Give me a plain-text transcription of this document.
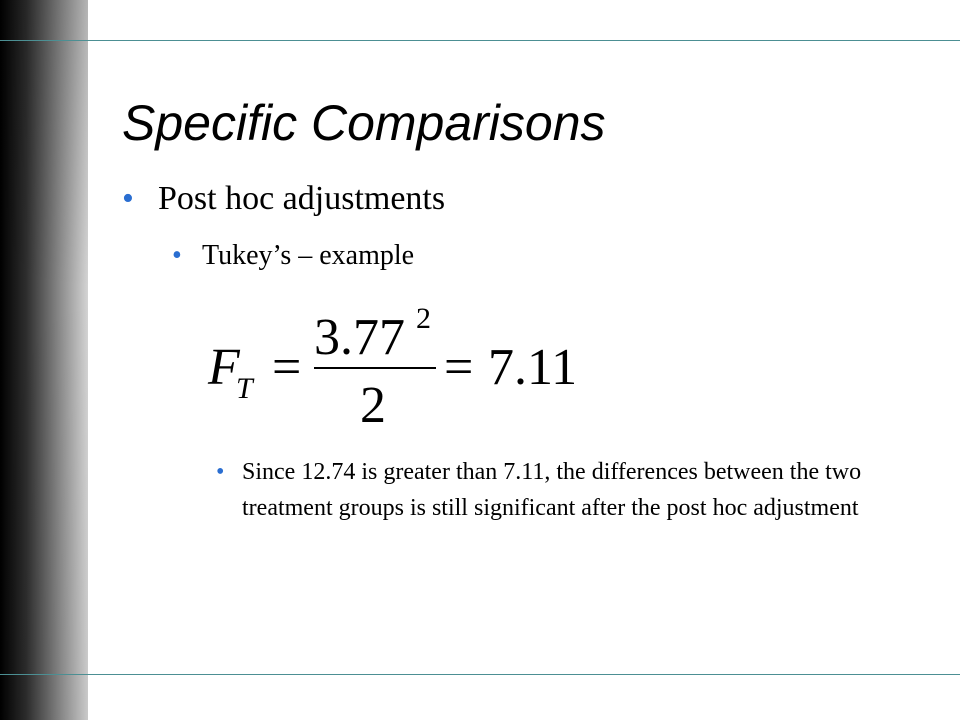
Specific Comparisons
• Post hoc adjustments
• Tukey’s – example
F
T =
3.77 2
2
= 7.11
• Since 12.74 is greater than 7.11, the differences between the two treatment groups is still significant after the post hoc adjustment
